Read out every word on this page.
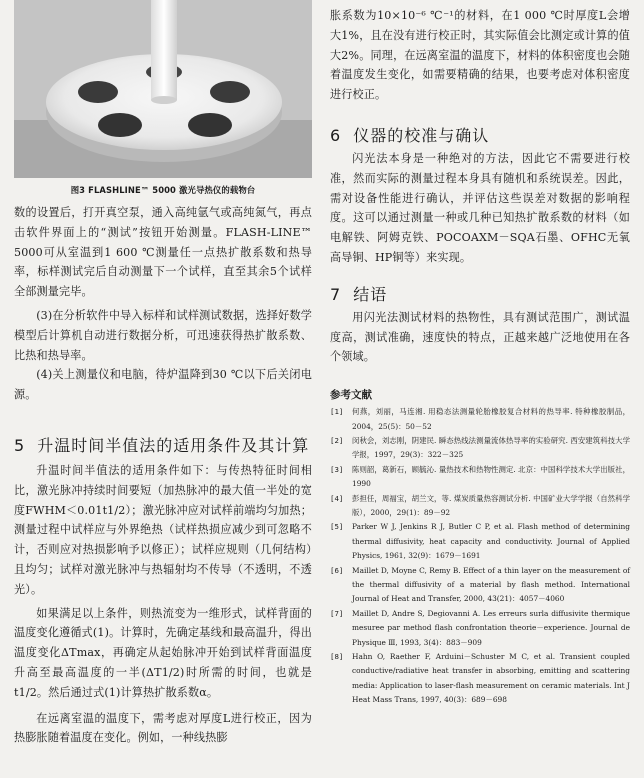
图3 FLASHLINE™ 5000 激光导热仪的载物台

数的设置后，打开真空泵，通入高纯氩气或高纯氮气，再点击软件界面上的“测试”按钮开始测量。FLASH-LINE™ 5000可从室温到1 600 ℃测量任一点热扩散系数和热导率，标样测试完后自动测量下一个试样，直至其余5个试样全部测量完毕。

(3)在分析软件中导入标样和试样测试数据，选择好数学模型后计算机自动进行数据分析，可迅速获得热扩散系数、比热和热导率。

(4)关上测量仪和电脑，待炉温降到30 ℃以下后关闭电源。

5 升温时间半值法的适用条件及其计算

升温时间半值法的适用条件如下：与传热特征时间相比，激光脉冲持续时间要短（加热脉冲的最大值一半处的宽度FWHM＜0.01t1/2）；激光脉冲应对试样前端均匀加热；测量过程中试样应与外界绝热（试样热损应减少到可忽略不计，否则应对热损影响予以修正）；试样应规则（几何结构）且均匀；试样对激光脉冲与热辐射均不传导（不透明，不透光）。

如果满足以上条件，则热流变为一维形式，试样背面的温度变化遵循式(1)。计算时，先确定基线和最高温升，得出温度变化ΔTmax，再确定从起始脉冲开始到试样背面温度升高至最高温度的一半(ΔT1/2)时所需的时间，也就是t1/2。然后通过式(1)计算热扩散系数α。

在远离室温的温度下，需考虑对厚度L进行校正，因为热膨胀随着温度在变化。例如，一种线热膨

胀系数为10×10⁻⁶ ℃⁻¹的材料，在1 000 ℃时厚度L会增大1%，且在没有进行校正时，其实际值会比测定或计算的值大2%。同理，在远离室温的温度下，材料的体积密度也会随着温度发生变化，如需要精确的结果，也要考虑对体积密度进行校正。

6 仪器的校准与确认

闪光法本身是一种绝对的方法，因此它不需要进行校准，然而实际的测量过程本身具有随机和系统误差。因此，需对设备性能进行确认，并评估这些误差对数据的影响程度。这可以通过测量一种或几种已知热扩散系数的材料（如电解铁、阿姆克铁、POCOAXM－SQA石墨、OFHC无氧高导铜、HP铜等）来实现。

7 结语

用闪光法测试材料的热物性，具有测试范围广，测试温度高，测试准确，速度快的特点，正越来越广泛地使用在各个领域。

参考文献
[1]	何燕，刘丽，马连湘. 用稳态法测量轮胎橡胶复合材料的热导率. 特种橡胶制品，2004，25(5)：50－52
[2]	闵秋会，刘志刚，阴建民. 瞬态热线法测量流体热导率的实验研究. 西安建筑科技大学学报，1997，29(3)：322－325
[3]	陈则韶，葛新石，顾毓沁. 量热技术和热物性测定. 北京：中国科学技术大学出版社，1990
[4]	彭担任，周福宝，胡兰文，等. 煤炭质量热容测试分析. 中国矿业大学学报（自然科学版），2000，29(1)：89－92
[5]	Parker W J, Jenkins R J, Butler C P, et al. Flash method of determining thermal diffusivity, heat capacity and conductivity. Journal of Applied Physics, 1961, 32(9)：1679－1691
[6]	Maillet D, Moyne C, Remy B. Effect of a thin layer on the measurement of the thermal diffusivity of a material by flash method. International Journal of Heat and Transfer, 2000, 43(21)：4057－4060
[7]	Maillet D, Andre S, Degiovanni A. Les erreurs surla diffusivite thermique mesuree par method flash confrontation theorie－experience. Journal de Physique Ⅲ, 1993, 3(4)：883－909
[8]	Hahn O, Raether F, Arduini－Schuster M C, et al. Transient coupled conductive/radiative heat transfer in absorbing, emitting and scattering media: Application to laser-flash measurement on ceramic materials. Int J Heat Mass Trans, 1997, 40(3)：689－698
